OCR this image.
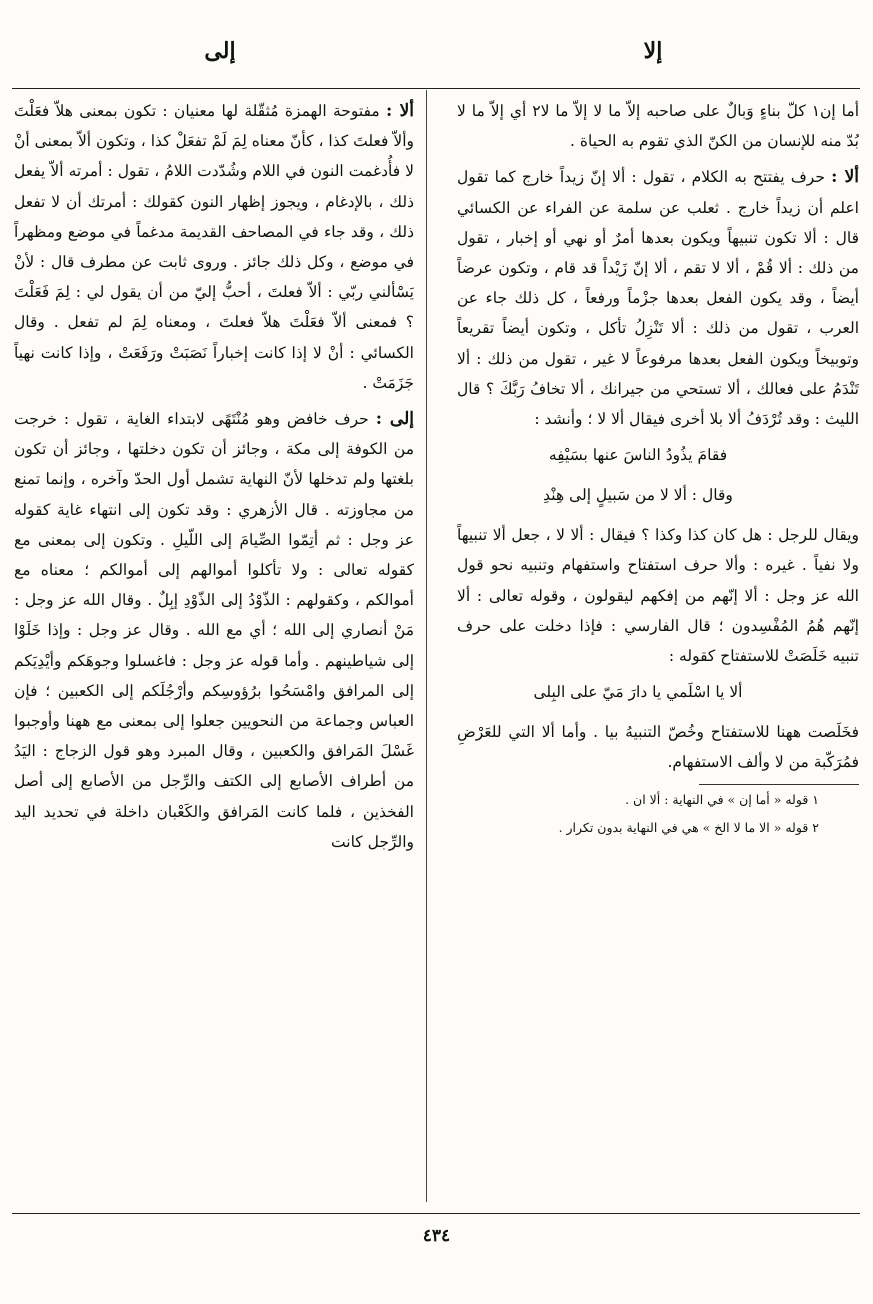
إلا
إلى

أما إن١ كلّ بناءٍ وَبالٌ على صاحبه إلاّ ما لا إلاّ ما لا٢ أي إلاّ ما لا بُدّ منه للإنسان من الكنّ الذي تقوم به الحياة .

ألا : حرف يفتتح به الكلام ، تقول : ألا إنّ زيداً خارج كما تقول اعلم أن زيداً خارج . ثعلب عن سلمة عن الفراء عن الكسائي قال : ألا تكون تنبيهاً ويكون بعدها أمرٌ أو نهي أو إخبار ، تقول من ذلك : ألا قُمْ ، ألا لا تقم ، ألا إنّ زَيْداً قد قام ، وتكون عرضاً أيضاً ، وقد يكون الفعل بعدها جزْماً ورفعاً ، كل ذلك جاء عن العرب ، تقول من ذلك : ألا تَنْزِلُ تأكل ، وتكون أيضاً تقريعاً وتوبيخاً ويكون الفعل بعدها مرفوعاً لا غير ، تقول من ذلك : ألا تَنْدَمُ على فعالك ، ألا تستحي من جيرانك ، ألا تخافُ رَبَّكَ ؟ قال الليث : وقد تُرْدَفُ ألا بلا أخرى فيقال ألا لا ؛ وأنشد :

فقامَ يذُودُ الناسَ عنها بسَيْفِه
وقال : ألا لا من سَبيلٍ إلى هِنْدِ

ويقال للرجل : هل كان كذا وكذا ؟ فيقال : ألا لا ، جعل ألا تنبيهاً ولا نفياً . غيره : وألا حرف استفتاح واستفهام وتنبيه نحو قول الله عز وجل : ألا إنّهم من إفكهم ليقولون ، وقوله تعالى : ألا إنّهم هُمُ المُفْسِدون ؛ قال الفارسي : فإذا دخلت على حرف تنبيه خَلَصَتْ للاستفتاح كقوله :

ألا يا اسْلَمي يا دارَ مَيّ على البِلى

فخَلَصت ههنا للاستفتاح وخُصّ التنبيهُ بيا . وأما ألا التي للعَرْضِ فمُرَكّبة من لا وألف الاستفهام.

١ قوله « أما إن » في النهاية : ألا ان .

٢ قوله « الا ما لا الخ » هي في النهاية بدون تكرار .

ألا : مفتوحة الهمزة مُثقّلة لها معنيان : تكون بمعنى هلاّ فعَلْتَ وألاّ فعلتَ كذا ، كأنّ معناه لِمَ لَمْ تفعَلْ كذا ، وتكون ألاّ بمعنى أنْ لا فأُدغمت النون في اللام وشُدّدت اللامُ ، تقول : أمرته ألاّ يفعل ذلك ، بالإدغام ، ويجوز إظهار النون كقولك : أمرتك أن لا تفعل ذلك ، وقد جاء في المصاحف القديمة مدغماً في موضع ومظهراً في موضع ، وكل ذلك جائز . وروى ثابت عن مطرف قال : لأنْ يَسْألني ربّي : ألاّ فعلتَ ، أحبُّ إليّ من أن يقول لي : لِمَ فَعَلْتَ ؟ فمعنى ألاّ فعَلْتَ هلاّ فعلتَ ، ومعناه لِمَ لم تفعل . وقال الكسائي : أنْ لا إذا كانت إخباراً نَصَبَتْ ورَفَعَتْ ، وإذا كانت نهياً جَزَمَتْ .

إلى : حرف خافض وهو مُنْتَهًى لابتداء الغاية ، تقول : خرجت من الكوفة إلى مكة ، وجائز أن تكون دخلتها ، وجائز أن تكون بلغتها ولم تدخلها لأنّ النهاية تشمل أول الحدّ وآخره ، وإنما تمنع من مجاوزته . قال الأزهري : وقد تكون إلى انتهاء غاية كقوله عز وجل : ثم أتِمّوا الصِّيامَ إلى اللّيلِ . وتكون إلى بمعنى مع كقوله تعالى : ولا تأكلوا أموالهم إلى أموالكم ؛ معناه مع أموالكم ، وكقولهم : الذّوْدُ إلى الذّوْدِ إبِلٌ . وقال الله عز وجل : مَنْ أنصاري إلى الله ؛ أي مع الله . وقال عز وجل : وإذا خَلَوْا إلى شياطينهم . وأما قوله عز وجل : فاغسلوا وجوهَكم وأيْدِيَكم إلى المرافق وامْسَحُوا برُؤوسِكم وأرْجُلَكم إلى الكعبين ؛ فإن العباس وجماعة من النحويين جعلوا إلى بمعنى مع ههنا وأوجبوا غَسْلَ المَرافق والكعبين ، وقال المبرد وهو قول الزجاج : اليَدُ من أطراف الأصابع إلى الكتف والرِّجل من الأصابع إلى أصل الفخذين ، فلما كانت المَرافق والكَعْبان داخلة في تحديد اليد والرِّجل كانت

٤٣٤
